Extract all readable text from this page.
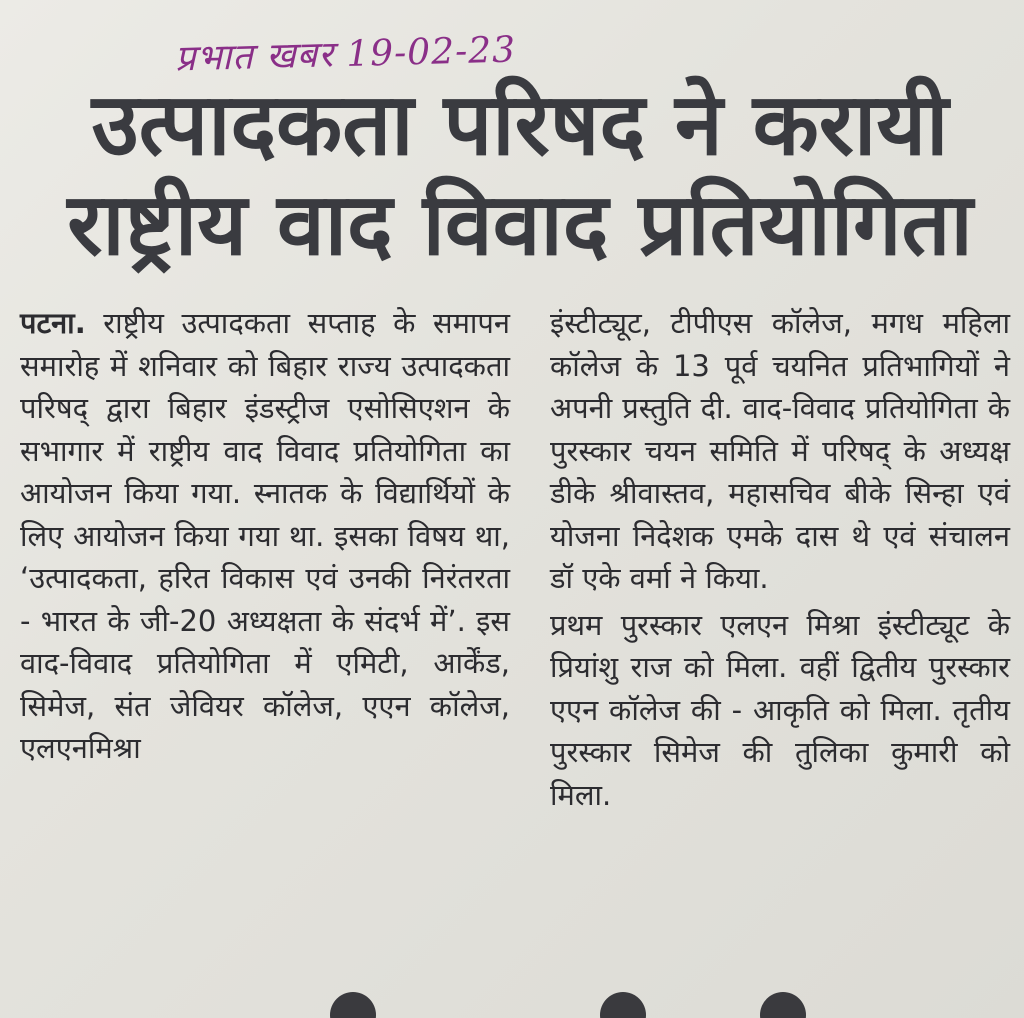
प्रभात खबर 19-02-23
उत्पादकता परिषद ने करायी
राष्ट्रीय वाद विवाद प्रतियोगिता

पटना. राष्ट्रीय उत्पादकता सप्ताह के समापन समारोह में शनिवार को बिहार राज्य उत्पादकता परिषद् द्वारा बिहार इंडस्ट्रीज एसोसिएशन के सभागार में राष्ट्रीय वाद विवाद प्रतियोगिता का आयोजन किया गया. स्नातक के विद्यार्थियों के लिए आयोजन किया गया था. इसका विषय था, ‘उत्पादकता, हरित विकास एवं उनकी निरंतरता - भारत के जी-20 अध्यक्षता के संदर्भ में’. इस वाद-विवाद प्रतियोगिता में एमिटी, आर्केंड, सिमेज, संत जेवियर कॉलेज, एएन कॉलेज, एलएनमिश्रा

इंस्टीट्यूट, टीपीएस कॉलेज, मगध महिला कॉलेज के 13 पूर्व चयनित प्रतिभागियों ने अपनी प्रस्तुति दी. वाद-विवाद प्रतियोगिता के पुरस्कार चयन समिति में परिषद् के अध्यक्ष डीके श्रीवास्तव, महासचिव बीके सिन्हा एवं योजना निदेशक एमके दास थे एवं संचालन डॉ एके वर्मा ने किया.

प्रथम पुरस्कार एलएन मिश्रा इंस्टीट्यूट के प्रियांशु राज को मिला. वहीं द्वितीय पुरस्कार एएन कॉलेज की - आकृति को मिला. तृतीय पुरस्कार सिमेज की तुलिका कुमारी को मिला.
